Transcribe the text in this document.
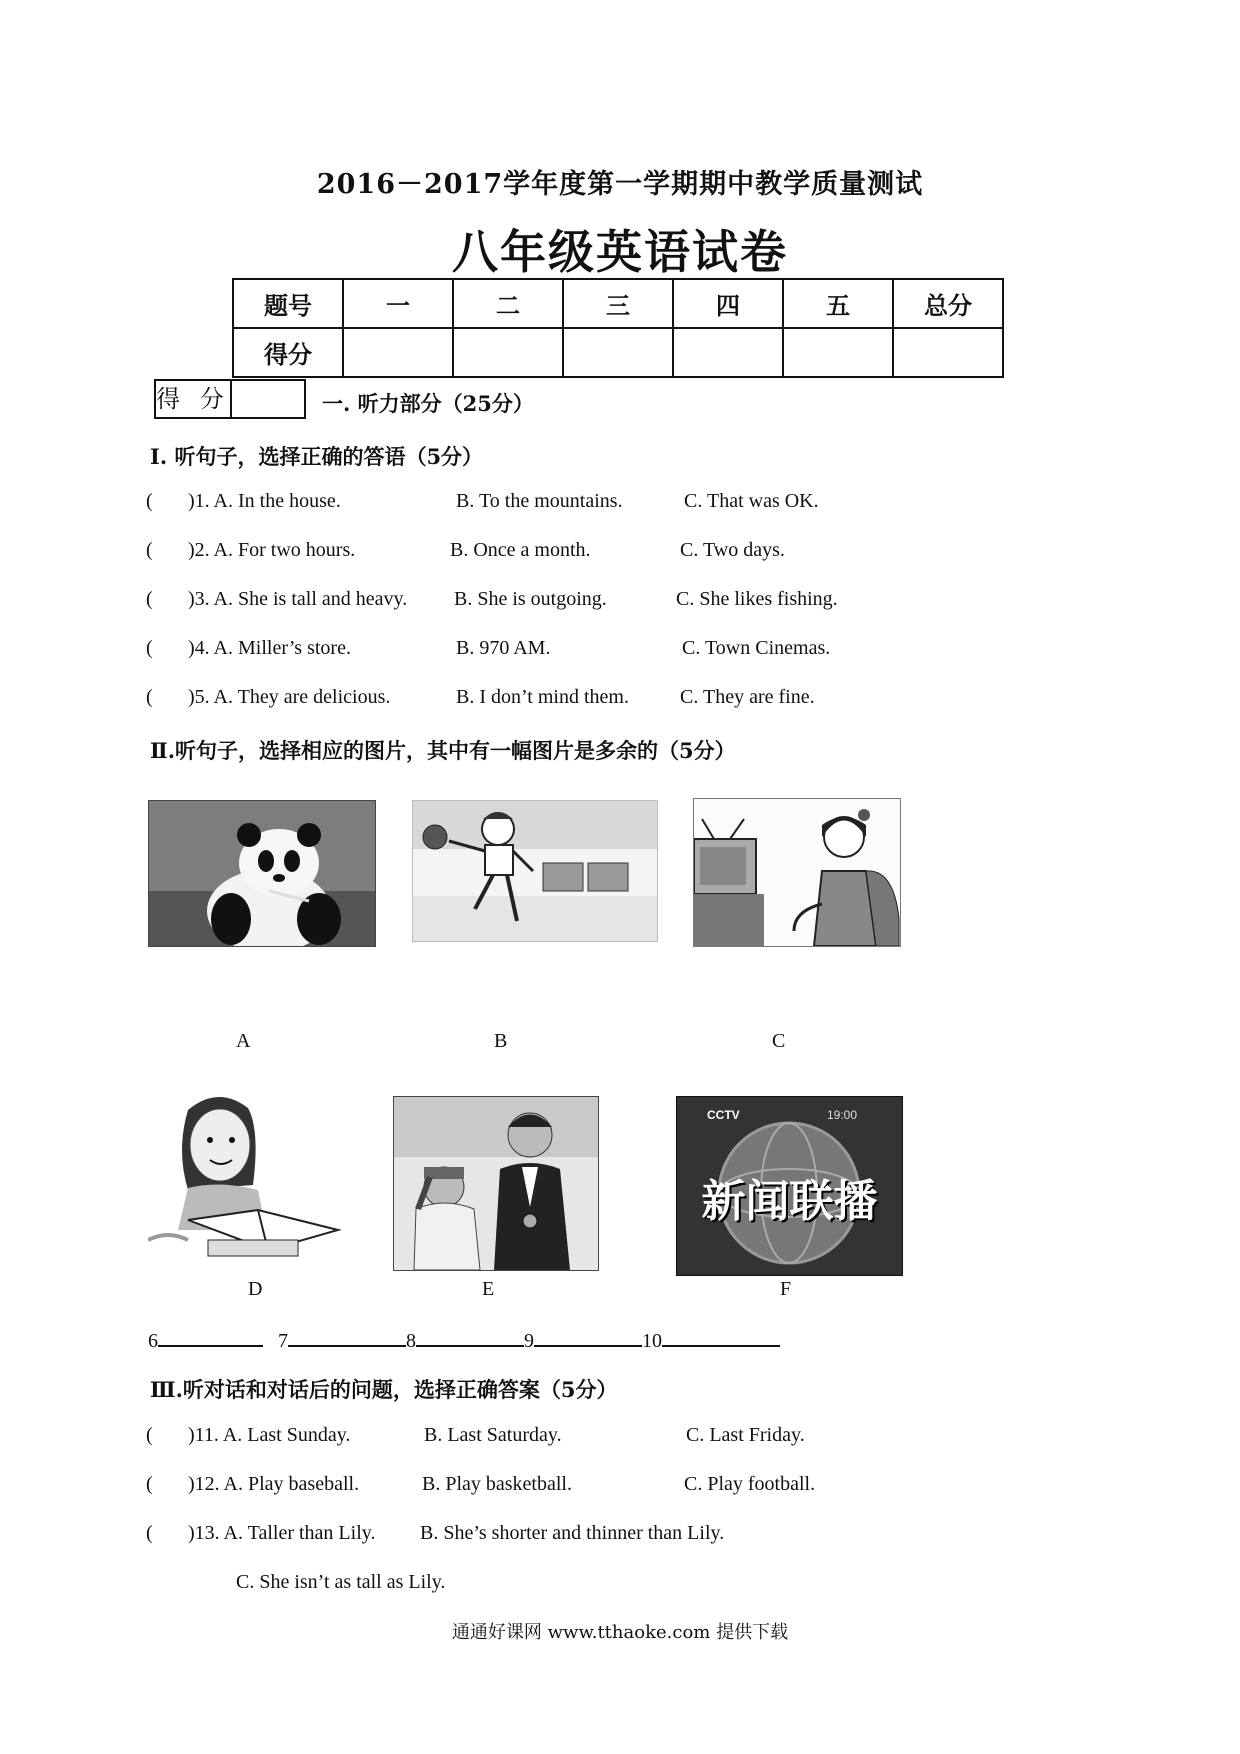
2016－2017学年度第一学期期中教学质量测试
八年级英语试卷
题号	一	二	三	四	五	总分
得分						
得 分	一. 听力部分（25分）
Ⅰ. 听句子，选择正确的答语（5分）
( )1. A. In the house.	B. To the mountains.	C. That was OK.
( )2. A. For two hours.	B. Once a month.	C. Two days.
( )3. A. She is tall and heavy. B. She is outgoing.	C. She likes fishing.
( )4. A. Miller’s store.	B. 970 AM.	C. Town Cinemas.
( )5. A. They are delicious.	B. I don’t mind them.	C. They are fine.
Ⅱ.听句子，选择相应的图片，其中有一幅图片是多余的（5分）
A	B	C
CCTV	19:00
新闻联播
D	E	F
6	7	8	9	10
Ⅲ.听对话和对话后的问题，选择正确答案（5分）
( )11. A. Last Sunday.	B. Last Saturday.	C. Last Friday.
( )12. A. Play baseball.	B. Play basketball.	C. Play football.
( )13. A. Taller than Lily. B. She’s shorter and thinner than Lily.
C. She isn’t as tall as Lily.
通通好课网 www.tthaoke.com 提供下载
